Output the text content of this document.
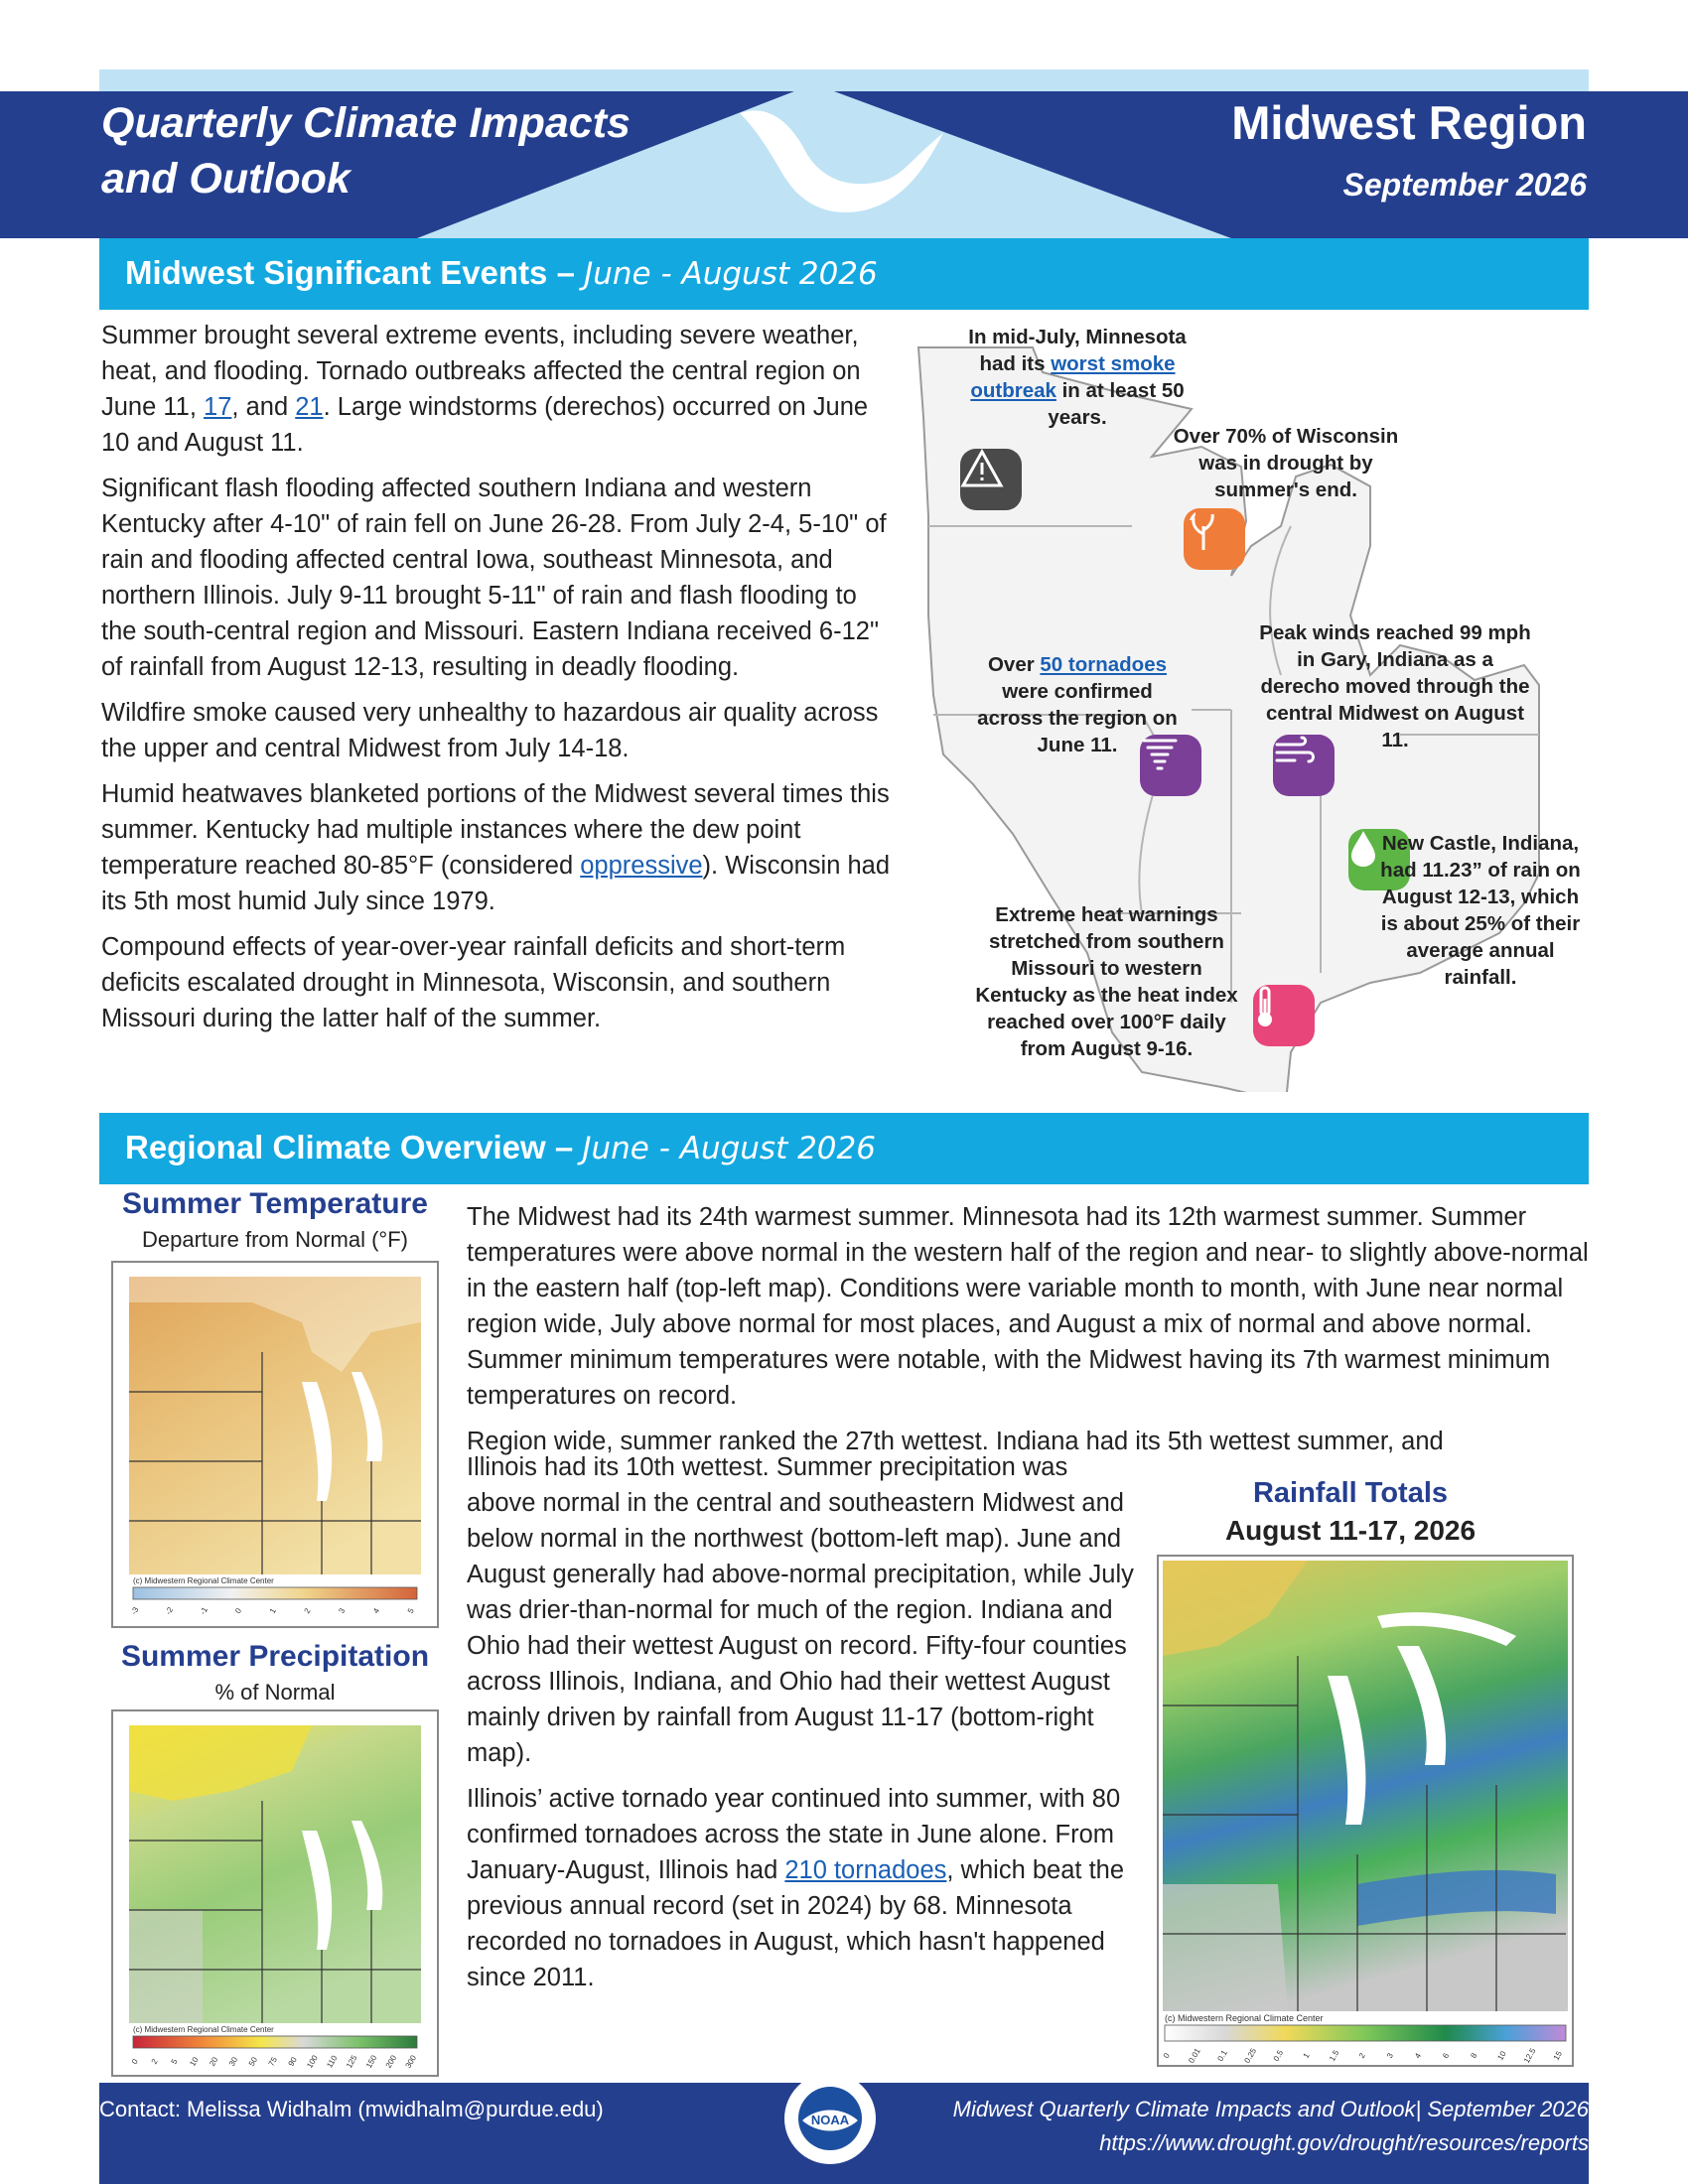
Quarterly Climate Impacts
and Outlook
Midwest Region
September 2026
Midwest Significant Events – June - August 2026

Summer brought several extreme events, including severe weather, heat, and flooding. Tornado outbreaks affected the central region on June 11, 17, and 21. Large windstorms (derechos) occurred on June 10 and August 11.

Significant flash flooding affected southern Indiana and western Kentucky after 4-10" of rain fell on June 26-28. From July 2-4, 5-10" of rain and flooding affected central Iowa, southeast Minnesota, and northern Illinois. July 9-11 brought 5-11" of rain and flash flooding to the south-central region and Missouri. Eastern Indiana received 6-12" of rainfall from August 12-13, resulting in deadly flooding.

Wildfire smoke caused very unhealthy to hazardous air quality across the upper and central Midwest from July 14-18.

Humid heatwaves blanketed portions of the Midwest several times this summer. Kentucky had multiple instances where the dew point temperature reached 80-85°F (considered oppressive). Wisconsin had its 5th most humid July since 1979.

Compound effects of year-over-year rainfall deficits and short-term deficits escalated drought in Minnesota, Wisconsin, and southern Missouri during the latter half of the summer.

In mid-July, Minnesota had its worst smoke outbreak in at least 50 years.
Over 70% of Wisconsin was in drought by summer's end.
Over 50 tornadoes were confirmed across the region on June 11.
Peak winds reached 99 mph in Gary, Indiana as a derecho moved through the central Midwest on August 11.
New Castle, Indiana, had 11.23” of rain on August 12-13, which is about 25% of their average annual rainfall.
Extreme heat warnings stretched from southern Missouri to western Kentucky as the heat index reached over 100°F daily from August 9-16.
Regional Climate Overview – June - August 2026
Summer Temperature
Departure from Normal (°F)
(c) Midwestern Regional Climate Center
-3	-2	-1	0	1	2	3	4	5
Summer Precipitation
% of Normal
(c) Midwestern Regional Climate Center
0 2 5 10 20 30 50 75 90 100 110 125 150 200 300

The Midwest had its 24th warmest summer. Minnesota had its 12th warmest summer. Summer temperatures were above normal in the western half of the region and near- to slightly above-normal in the eastern half (top-left map). Conditions were variable month to month, with June near normal region wide, July above normal for most places, and August a mix of normal and above normal. Summer minimum temperatures were notable, with the Midwest having its 7th warmest minimum temperatures on record.

Region wide, summer ranked the 27th wettest. Indiana had its 5th wettest summer, and

Illinois had its 10th wettest. Summer precipitation was above normal in the central and southeastern Midwest and below normal in the northwest (bottom-left map). June and August generally had above-normal precipitation, while July was drier-than-normal for much of the region. Indiana and Ohio had their wettest August on record. Fifty-four counties across Illinois, Indiana, and Ohio had their wettest August mainly driven by rainfall from August 11-17 (bottom-right map).

Illinois’ active tornado year continued into summer, with 80 confirmed tornadoes across the state in June alone. From January-August, Illinois had 210 tornadoes, which beat the previous annual record (set in 2024) by 68. Minnesota recorded no tornadoes in August, which hasn't happened since 2011.

Rainfall Totals
August 11-17, 2026
(c) Midwestern Regional Climate Center
0 0.01 0.1 0.25 0.5 1 1.5 2 3 4 6 8 10 12.5 15
Contact: Melissa Widhalm (mwidhalm@purdue.edu)	NOAA	Midwest Quarterly Climate Impacts and Outlook| September 2026
https://www.drought.gov/drought/resources/reports
